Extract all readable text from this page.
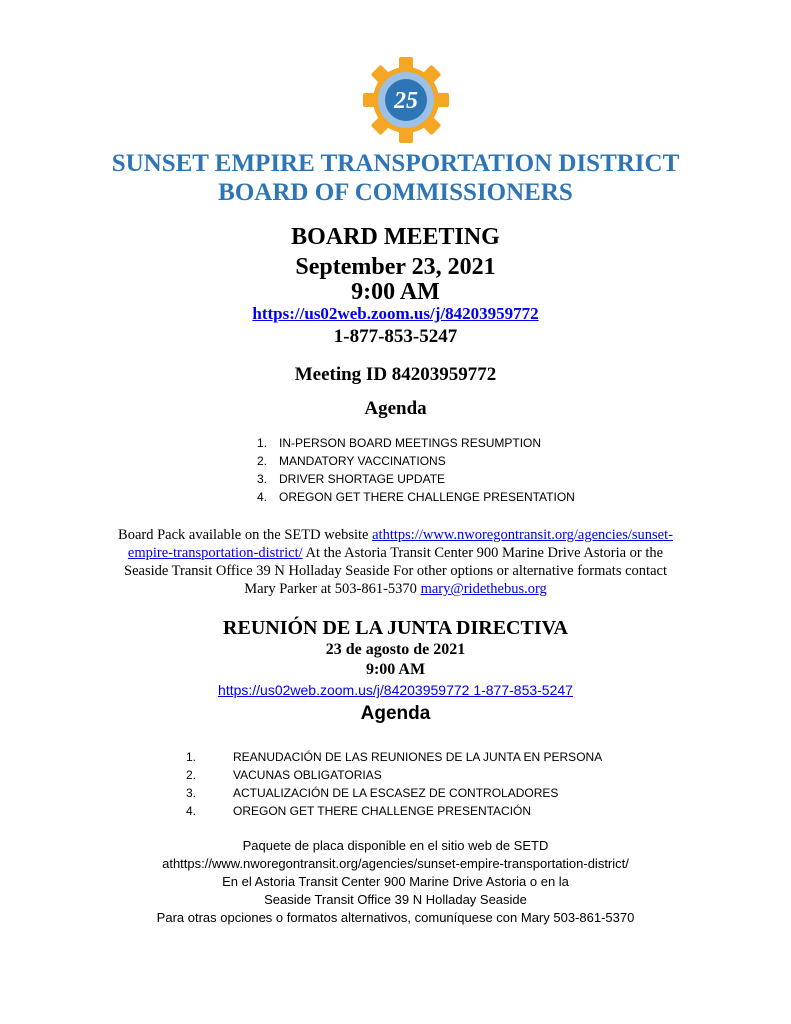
25
SUNSET EMPIRE TRANSPORTATION DISTRICT
BOARD OF COMMISSIONERS
BOARD MEETING
September 23, 2021
9:00 AM
https://us02web.zoom.us/j/84203959772
1-877-853-5247
Meeting ID 84203959772
Agenda
1. IN-PERSON BOARD MEETINGS RESUMPTION
2. MANDATORY VACCINATIONS
3. DRIVER SHORTAGE UPDATE
4. OREGON GET THERE CHALLENGE PRESENTATION
Board Pack available on the SETD website athttps://www.nworegontransit.org/agencies/sunset-
empire-transportation-district/ At the Astoria Transit Center 900 Marine Drive Astoria or the
Seaside Transit Office 39 N Holladay Seaside For other options or alternative formats contact
Mary Parker at 503-861-5370 mary@ridethebus.org
REUNIÓN DE LA JUNTA DIRECTIVA
23 de agosto de 2021
9:00 AM
https://us02web.zoom.us/j/84203959772 1-877-853-5247
Agenda
1.	REANUDACIÓN DE LAS REUNIONES DE LA JUNTA EN PERSONA
2.	VACUNAS OBLIGATORIAS
3.	ACTUALIZACIÓN DE LA ESCASEZ DE CONTROLADORES
4.	OREGON GET THERE CHALLENGE PRESENTACIÓN
Paquete de placa disponible en el sitio web de SETD
athttps://www.nworegontransit.org/agencies/sunset-empire-transportation-district/
En el Astoria Transit Center 900 Marine Drive Astoria o en la
Seaside Transit Office 39 N Holladay Seaside
Para otras opciones o formatos alternativos, comuníquese con Mary 503-861-5370
